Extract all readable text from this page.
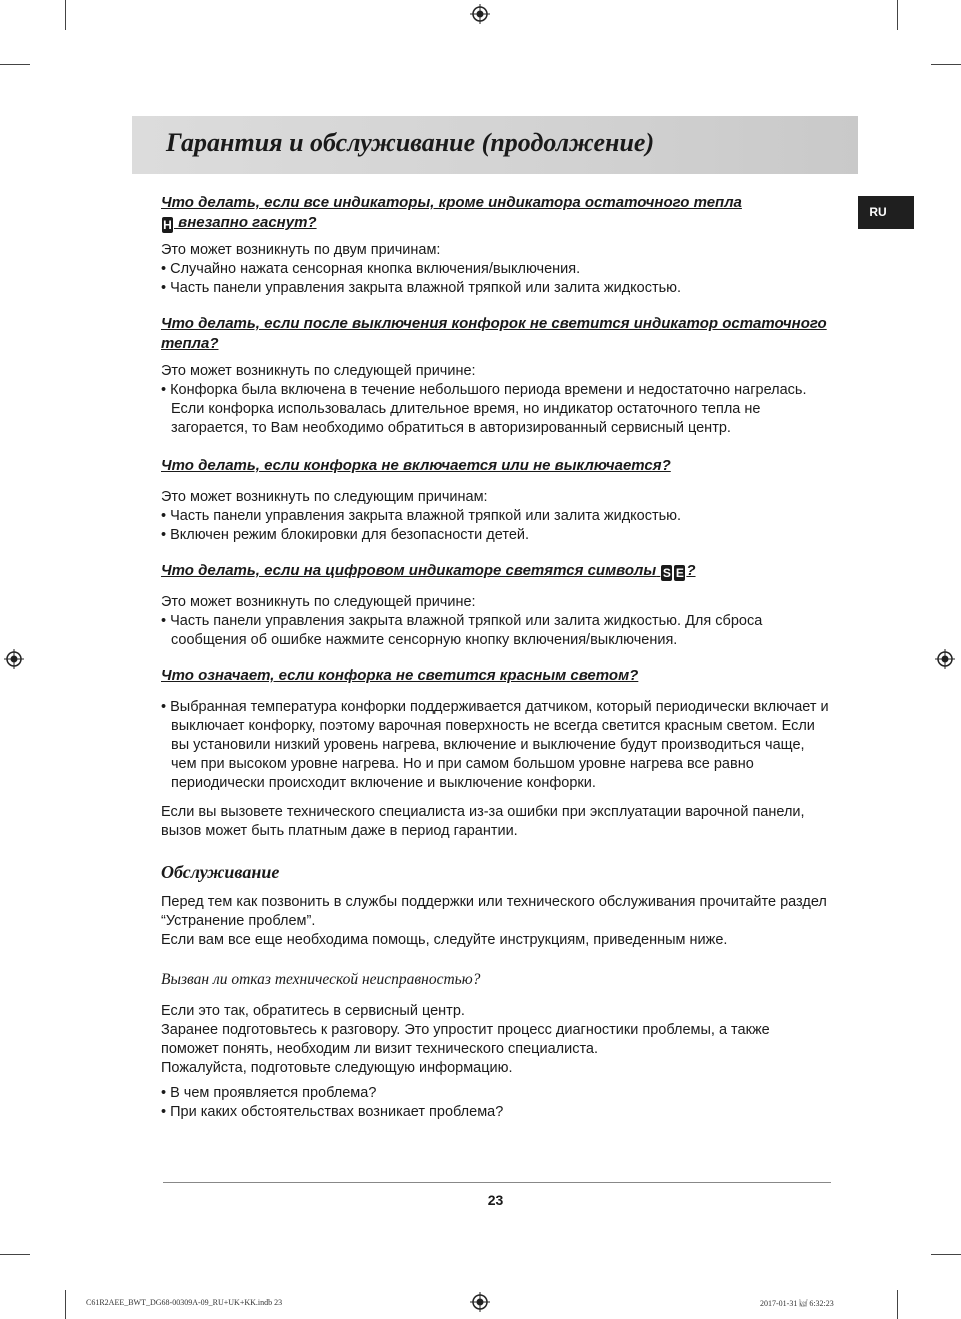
Гарантия и обслуживание (продолжение)
RU

Что делать, если все индикаторы, кроме индикатора остаточного тепла
H внезапно гаснут?

Это может возникнуть по двум причинам:

• Случайно нажата сенсорная кнопка включения/выключения.

• Часть панели управления закрыта влажной тряпкой или залита жидкостью.

Что делать, если после выключения конфорок не светится индикатор остаточного тепла?

Это может возникнуть по следующей причине:

• Конфорка была включена в течение небольшого периода времени и недостаточно нагрелась. Если конфорка использовалась длительное время, но индикатор остаточного тепла не загорается, то Вам необходимо обратиться в авторизированный сервисный центр.

Что делать, если конфорка не включается или не выключается?

Это может возникнуть по следующим причинам:

• Часть панели управления закрыта влажной тряпкой или залита жидкостью.

• Включен режим блокировки для безопасности детей.

Что делать, если на цифровом индикаторе светятся символы S E ?

Это может возникнуть по следующей причине:

• Часть панели управления закрыта влажной тряпкой или залита жидкостью. Для сброса сообщения об ошибке нажмите сенсорную кнопку включения/выключения.

Что означает, если конфорка не светится красным светом?

• Выбранная температура конфорки поддерживается датчиком, который периодически включает и выключает конфорку, поэтому варочная поверхность не всегда светится красным светом. Если вы установили низкий уровень нагрева, включение и выключение будут производиться чаще, чем при высоком уровне нагрева. Но и при самом большом уровне нагрева все равно периодически происходит включение и выключение конфорки.

Если вы вызовете технического специалиста из-за ошибки при эксплуатации варочной панели, вызов может быть платным даже в период гарантии.

Обслуживание

Перед тем как позвонить в службы поддержки или технического обслуживания прочитайте раздел “Устранение проблем”.

Если вам все еще необходима помощь, следуйте инструкциям, приведенным ниже.

Вызван ли отказ технической неисправностью?

Если это так, обратитесь в сервисный центр.

Заранее подготовьтесь к разговору. Это упростит процесс диагностики проблемы, а также поможет понять, необходим ли визит технического специалиста.

Пожалуйста, подготовьте следующую информацию.

• В чем проявляется проблема?

• При каких обстоятельствах возникает проблема?

23
C61R2AEE_BWT_DG68-00309A-09_RU+UK+KK.indb 23	2017-01-31 ㎉ 6:32:23
